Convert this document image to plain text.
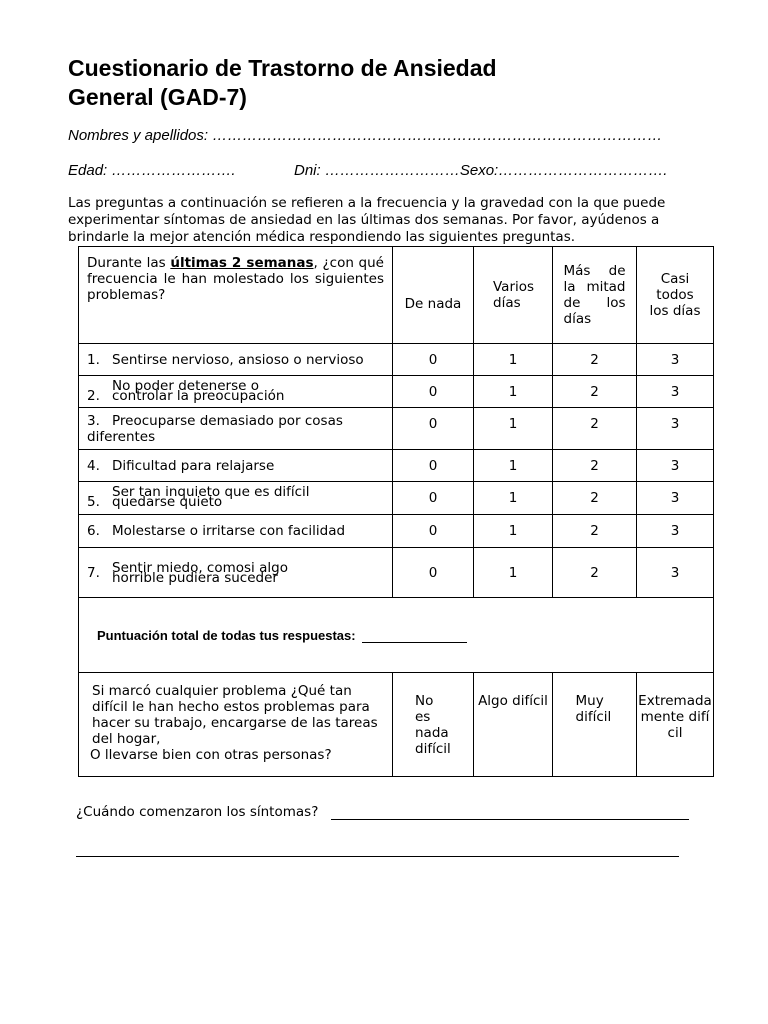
Cuestionario de Trastorno de Ansiedad General (GAD-7)
Nombres y apellidos: ………………………………………………………………………………
Edad: …………………….	Dni: ………………………Sexo:…………………………….
Las preguntas a continuación se refieren a la frecuencia y la gravedad con la que puede experimentar síntomas de ansiedad en las últimas dos semanas. Por favor, ayúdenos a brindarle la mejor atención médica respondiendo las siguientes preguntas.
Durante las últimas 2 semanas, ¿con qué frecuencia le han molestado los siguientes problemas?	De nada	Varios días	Más de la mitad de los días	Casi todos los días
1. Sentirse nervioso, ansioso o nervioso	0	1	2	3
2.No poder detenerse o controlar la preocupación	0	1	2	3
3. Preocuparse demasiado por cosas diferentes	0	1	2	3
4. Dificultad para relajarse	0	1	2	3
5.Ser tan inquieto que es difícil quedarse quieto	0	1	2	3
6. Molestarse o irritarse con facilidad	0	1	2	3
7. Sentir miedo, comosi algo horrible pudiera suceder	0	1	2	3
Puntuación total de todas tus respuestas:				

Si marcó cualquier problema ¿Qué tan difícil le han hecho estos problemas para hacer su trabajo, encargarse de las tareas del hogar,
O llevarse bien con otras personas?	No es nada difícil	Algo difícil	Muy difícil	Extremadamente difícil
¿Cuándo comenzaron los síntomas?
